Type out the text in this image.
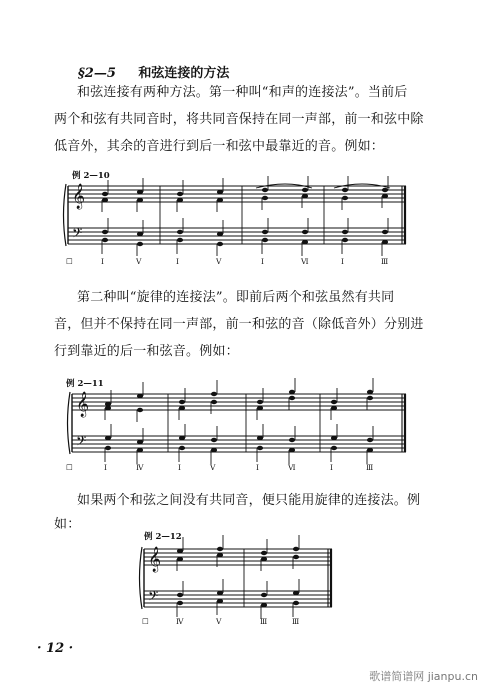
§2—5 和弦连接的方法
和弦连接有两种方法。第一种叫“和声的连接法”。当前后
两个和弦有共同音时，将共同音保持在同一声部，前一和弦中除
低音外，其余的音进行到后一和弦中最靠近的音。例如：
例 2—10
𝄞
𝄢
☐	I	V	I	Ⅴ	I	Ⅵ	I	Ⅲ
第二种叫“旋律的连接法”。即前后两个和弦虽然有共同
音，但并不保持在同一声部，前一和弦的音（除低音外）分别进
行到靠近的后一和弦音。例如：
例 2—11
𝄞
𝄢
☐	I	Ⅳ	I	Ⅴ	I	Ⅵ	I	Ⅲ
如果两个和弦之间没有共同音，便只能用旋律的连接法。例
如：
例 2—12
𝄞
𝄢
☐	Ⅳ	Ⅴ	Ⅲ	Ⅲ
· 12 ·
歌谱简谱网 jianpu.cn
